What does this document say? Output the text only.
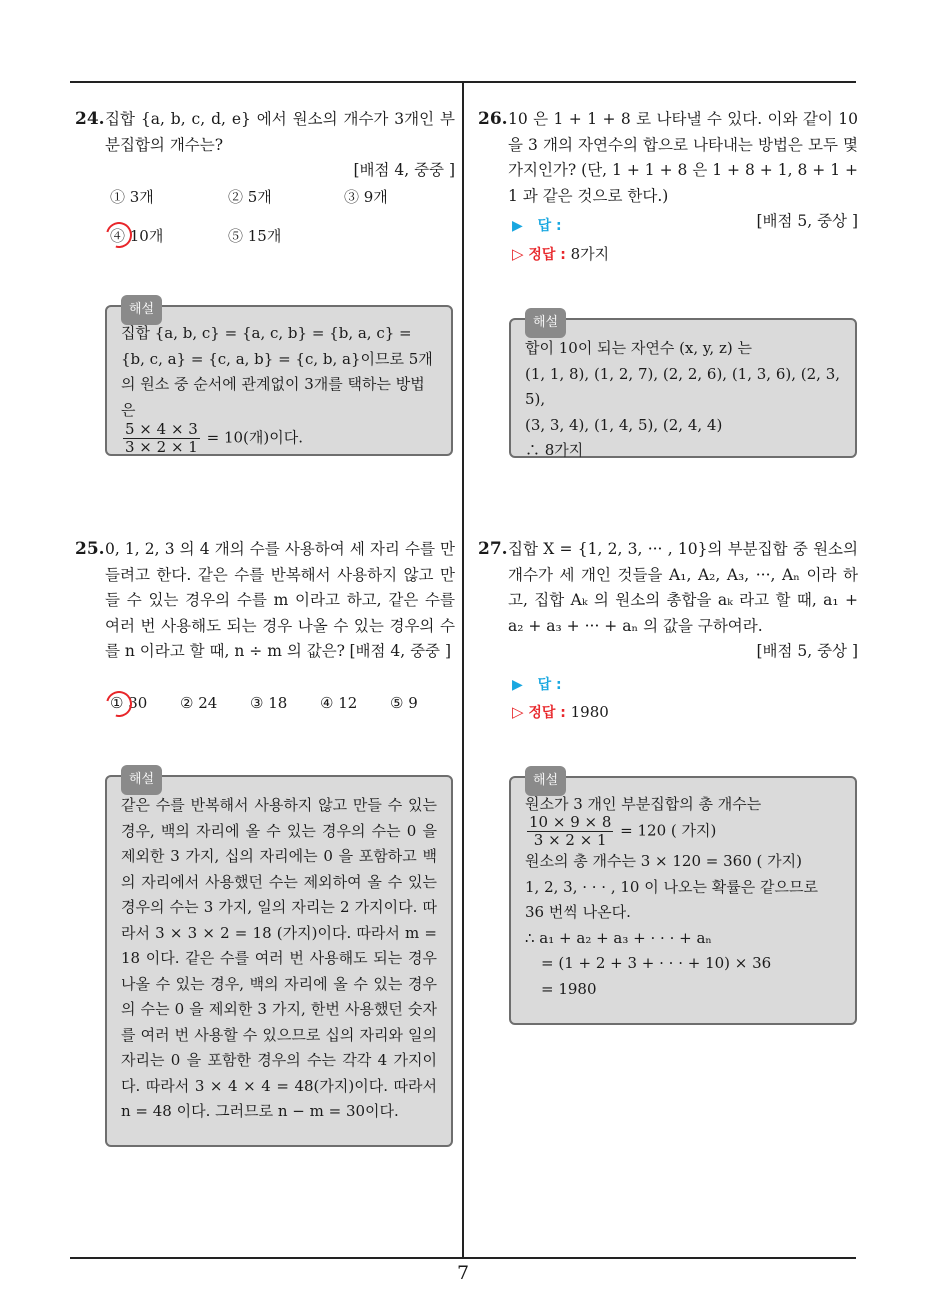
24. 집합 {a, b, c, d, e} 에서 원소의 개수가 3개인 부분집합의 개수는?
[배점 4, 중중 ]
① 3개	② 5개	③ 9개
④ 10개	⑤ 15개
해설
집합 {a, b, c} = {a, c, b} = {b, a, c} = {b, c, a} = {c, a, b} = {c, b, a}이므로 5개의 원소 중 순서에 관계없이 3개를 택하는 방법은
$\frac{5 \times 4 \times 3}{3 \times 2 \times 1} = 10$(개)이다.
25. 0, 1, 2, 3 의 4 개의 수를 사용하여 세 자리 수를 만들려고 한다. 같은 수를 반복해서 사용하지 않고 만들 수 있는 경우의 수를 m 이라고 하고, 같은 수를 여러 번 사용해도 되는 경우 나올 수 있는 경우의 수를 n 이라고 할 때, n ÷ m 의 값은? [배점 4, 중중 ]
① 30 ② 24 ③ 18 ④ 12 ⑤ 9
해설
같은 수를 반복해서 사용하지 않고 만들 수 있는 경우, 백의 자리에 올 수 있는 경우의 수는 0 을 제외한 3 가지, 십의 자리에는 0 을 포함하고 백의 자리에서 사용했던 수는 제외하여 올 수 있는 경우의 수는 3 가지, 일의 자리는 2 가지이다. 따라서 3 × 3 × 2 = 18 (가지)이다. 따라서 m = 18 이다. 같은 수를 여러 번 사용해도 되는 경우 나올 수 있는 경우, 백의 자리에 올 수 있는 경우의 수는 0 을 제외한 3 가지, 한번 사용했던 숫자를 여러 번 사용할 수 있으므로 십의 자리와 일의 자리는 0 을 포함한 경우의 수는 각각 4 가지이다. 따라서 3 × 4 × 4 = 48(가지)이다. 따라서 n = 48 이다. 그러므로 n − m = 30이다.
26. 10 은 1 + 1 + 8 로 나타낼 수 있다. 이와 같이 10 을 3 개의 자연수의 합으로 나타내는 방법은 모두 몇 가지인가? (단, 1 + 1 + 8 은 1 + 8 + 1, 8 + 1 + 1 과 같은 것으로 한다.)
[배점 5, 중상 ]
▶ 답 :
▷ 정답 : 8가지
해설
합이 10이 되는 자연수 (x, y, z) 는
(1, 1, 8), (1, 2, 7), (2, 2, 6), (1, 3, 6), (2, 3, 5),
(3, 3, 4), (1, 4, 5), (2, 4, 4)
∴ 8가지
27. 집합 X = {1, 2, 3, ··· , 10}의 부분집합 중 원소의 개수가 세 개인 것들을 A₁, A₂, A₃, ···, Aₙ 이라 하고, 집합 Aₖ 의 원소의 총합을 aₖ 라고 할 때, a₁ + a₂ + a₃ + ··· + aₙ 의 값을 구하여라.
[배점 5, 중상 ]
▶ 답 :
▷ 정답 : 1980
해설
원소가 3 개인 부분집합의 총 개수는
$\frac{10 \times 9 \times 8}{3 \times 2 \times 1} = 120$ ( 가지)
원소의 총 개수는 3 × 120 = 360 ( 가지)
1, 2, 3, · · · , 10 이 나오는 확률은 같으므로 36 번씩 나온다.
∴ a₁ + a₂ + a₃ + · · · + aₙ
= (1 + 2 + 3 + · · · + 10) × 36
= 1980
7
